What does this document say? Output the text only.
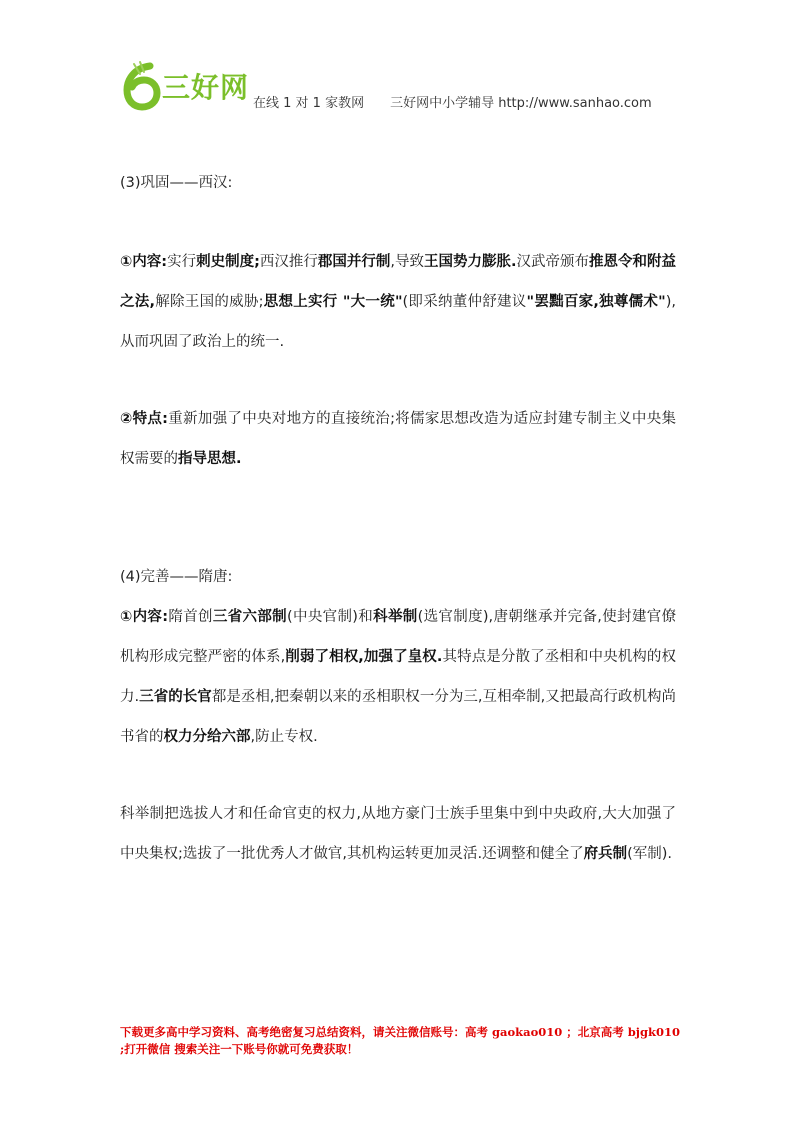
三好网 在线 1 对 1 家教网 三好网中小学辅导 http://www.sanhao.com

(3)巩固——西汉:

①内容:实行刺史制度;西汉推行郡国并行制,导致王国势力膨胀.汉武帝颁布推恩令和附益之法,解除王国的威胁;思想上实行 "大一统"(即采纳董仲舒建议"罢黜百家,独尊儒术"),从而巩固了政治上的统一.

②特点:重新加强了中央对地方的直接统治;将儒家思想改造为适应封建专制主义中央集权需要的指导思想.

(4)完善——隋唐:

①内容:隋首创三省六部制(中央官制)和科举制(选官制度),唐朝继承并完备,使封建官僚机构形成完整严密的体系,削弱了相权,加强了皇权.其特点是分散了丞相和中央机构的权力.三省的长官都是丞相,把秦朝以来的丞相职权一分为三,互相牵制,又把最高行政机构尚书省的权力分给六部,防止专权.

科举制把选拔人才和任命官吏的权力,从地方豪门士族手里集中到中央政府,大大加强了中央集权;选拔了一批优秀人才做官,其机构运转更加灵活.还调整和健全了府兵制(军制).

下载更多高中学习资料、高考绝密复习总结资料，请关注微信账号：高考 gaokao010 ；北京高考 bjgk010 ;打开微信 搜索关注一下账号你就可免费获取！
